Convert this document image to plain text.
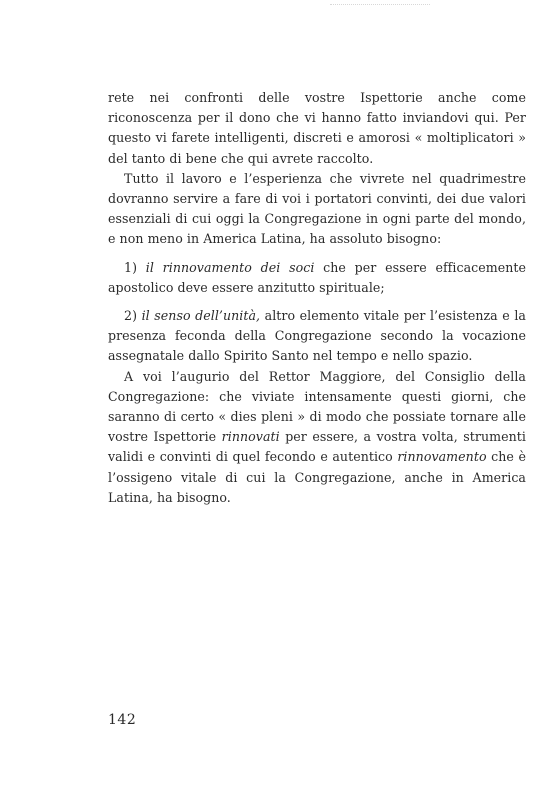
rete nei confronti delle vostre Ispettorie anche come riconoscenza per il dono che vi hanno fatto inviandovi qui. Per questo vi farete intelligenti, discreti e amorosi « moltiplicatori » del tanto di bene che qui avrete raccolto.

Tutto il lavoro e l’esperienza che vivrete nel quadrimestre dovranno servire a fare di voi i portatori convinti, dei due valori essenziali di cui oggi la Congregazione in ogni parte del mondo, e non meno in America Latina, ha assoluto bisogno:

1) il rinnovamento dei soci che per essere efficacemente apostolico deve essere anzitutto spirituale;

2) il senso dell’unità, altro elemento vitale per l’esistenza e la presenza feconda della Congregazione secondo la vocazione assegnatale dallo Spirito Santo nel tempo e nello spazio.

A voi l’augurio del Rettor Maggiore, del Consiglio della Congregazione: che viviate intensamente questi giorni, che saranno di certo « dies pleni » di modo che possiate tornare alle vostre Ispettorie rinnovati per essere, a vostra volta, strumenti validi e convinti di quel fecondo e autentico rinnovamento che è l’ossigeno vitale di cui la Congregazione, anche in America Latina, ha bisogno.

142
